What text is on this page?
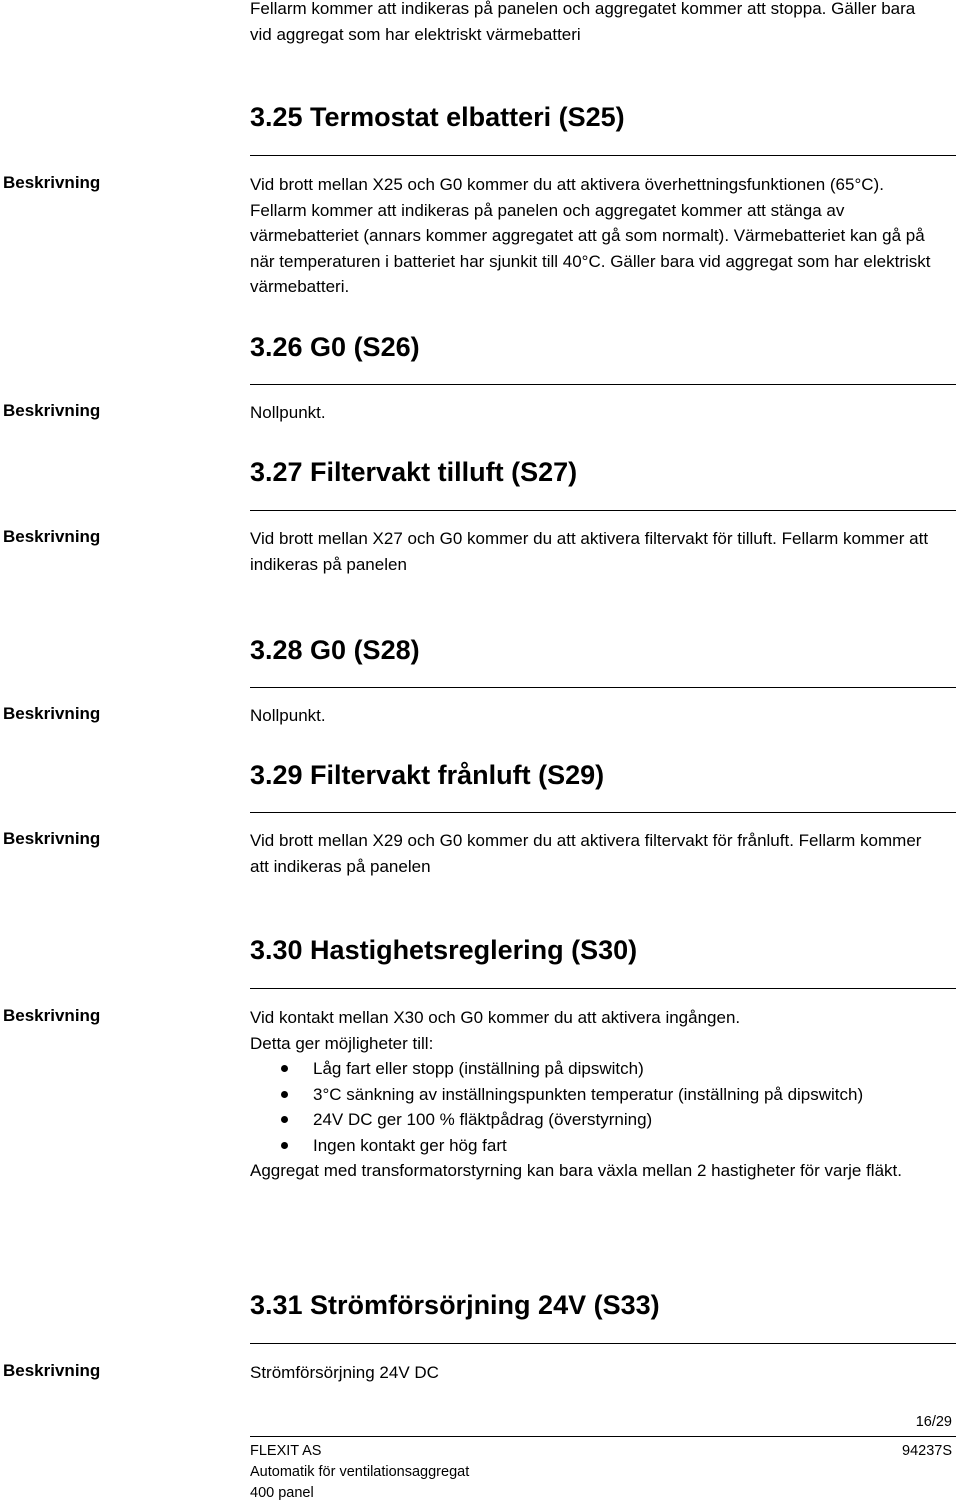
Fellarm kommer att indikeras på panelen och aggregatet kommer att stoppa. Gäller bara vid aggregat som har elektriskt värmebatteri
3.25 Termostat elbatteri (S25)
Beskrivning	Vid brott mellan X25 och G0 kommer du att aktivera överhettningsfunktionen (65°C). Fellarm kommer att indikeras på panelen och aggregatet kommer att stänga av värmebatteriet (annars kommer aggregatet att gå som normalt). Värmebatteriet kan gå på när temperaturen i batteriet har sjunkit till 40°C. Gäller bara vid aggregat som har elektriskt värmebatteri.
3.26 G0 (S26)
Beskrivning	Nollpunkt.
3.27 Filtervakt tilluft (S27)
Beskrivning	Vid brott mellan X27 och G0 kommer du att aktivera filtervakt för tilluft. Fellarm kommer att indikeras på panelen
3.28 G0 (S28)
Beskrivning	Nollpunkt.
3.29 Filtervakt frånluft (S29)
Beskrivning	Vid brott mellan X29 och G0 kommer du att aktivera filtervakt för frånluft. Fellarm kommer att indikeras på panelen
3.30 Hastighetsreglering (S30)
Beskrivning	Vid kontakt mellan X30 och G0 kommer du att aktivera ingången.
Detta ger möjligheter till:
Låg fart eller stopp (inställning på dipswitch)
3°C sänkning av inställningspunkten temperatur (inställning på dipswitch)
24V DC ger 100 % fläktpådrag (överstyrning)
Ingen kontakt ger hög fart
Aggregat med transformatorstyrning kan bara växla mellan 2 hastigheter för varje fläkt.
3.31 Strömförsörjning 24V (S33)
Beskrivning	Strömförsörjning 24V DC
16/29
FLEXIT AS
Automatik för ventilationsaggregat
400 panel
94237S
